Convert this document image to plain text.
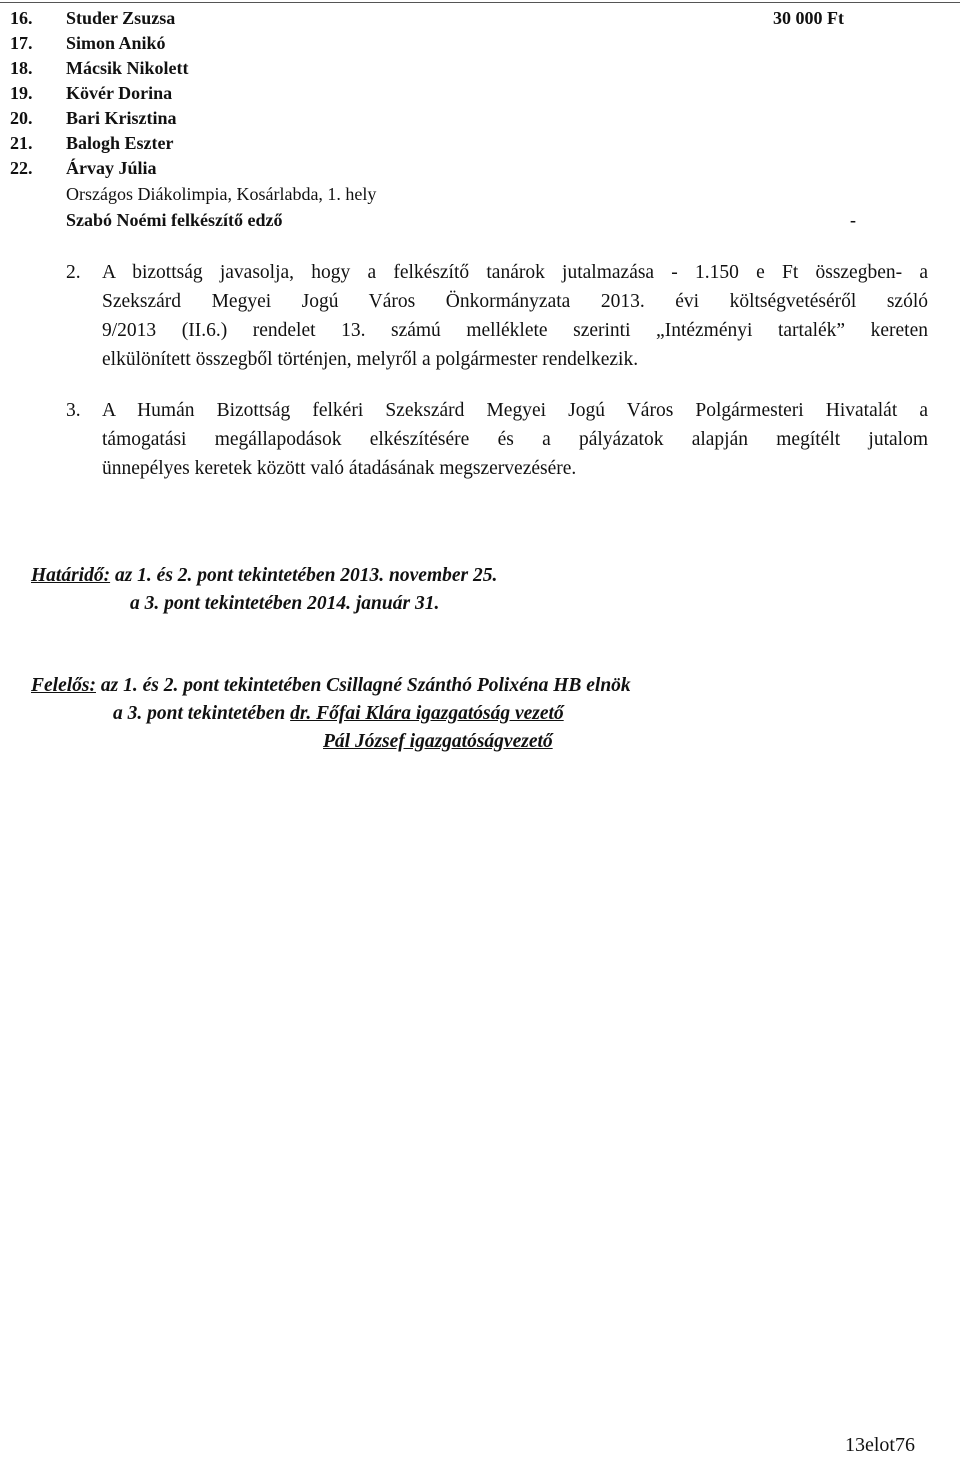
16. Studer Zsuzsa	30 000 Ft
17. Simon Anikó
18. Mácsik Nikolett
19. Kövér Dorina
20. Bari Krisztina
21. Balogh Eszter
22. Árvay Júlia
Országos Diákolimpia, Kosárlabda, 1. hely
Szabó Noémi felkészítő edző	-
2. A bizottság javasolja, hogy a felkészítő tanárok jutalmazása - 1.150 e Ft összegben- a
Szekszárd Megyei Jogú Város Önkormányzata 2013. évi költségvetéséről szóló
9/2013 (II.6.) rendelet 13. számú melléklete szerinti „Intézményi tartalék” kereten
elkülönített összegből történjen, melyről a polgármester rendelkezik.
3. A Humán Bizottság felkéri Szekszárd Megyei Jogú Város Polgármesteri Hivatalát a
támogatási megállapodások elkészítésére és a pályázatok alapján megítélt jutalom
ünnepélyes keretek között való átadásának megszervezésére.
Határidő: az 1. és 2. pont tekintetében 2013. november 25.
a 3. pont tekintetében 2014. január 31.
Felelős: az 1. és 2. pont tekintetében Csillagné Szánthó Polixéna HB elnök
a 3. pont tekintetében dr. Főfai Klára igazgatóság vezető
Pál József igazgatóságvezető
13elot76
